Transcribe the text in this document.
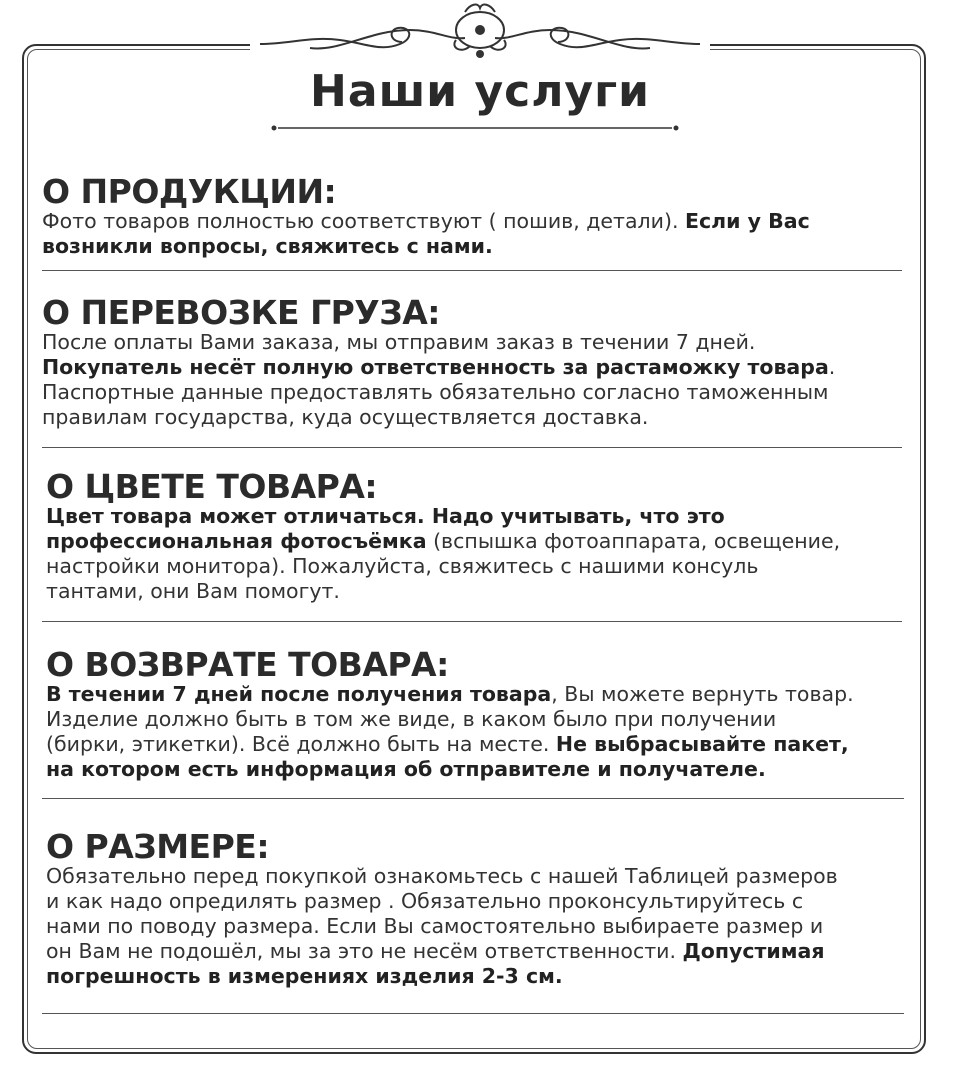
Наши услуги
О ПРОДУКЦИИ:
Фото товаров полностью соответствуют ( пошив, детали). Если у Вас
возникли вопросы, свяжитесь с нами.
О ПЕРЕВОЗКЕ ГРУЗА:
После оплаты Вами заказа, мы отправим заказ в течении 7 дней.
Покупатель несёт полную ответственность за растаможку товара.
Паспортные данные предоставлять обязательно согласно таможенным
правилам государства, куда осуществляется доставка.
О ЦВЕТЕ ТОВАРА:
Цвет товара может отличаться. Надо учитывать, что это
профессиональная фотосъёмка (вспышка фотоаппарата, освещение,
настройки монитора). Пожалуйста, свяжитесь с нашими консуль
тантами, они Вам помогут.
О ВОЗВРАТЕ ТОВАРА:
В течении 7 дней после получения товара, Вы можете вернуть товар.
Изделие должно быть в том же виде, в каком было при получении
(бирки, этикетки). Всё должно быть на месте. Не выбрасывайте пакет,
на котором есть информация об отправителе и получателе.
О РАЗМЕРЕ:
Обязательно перед покупкой ознакомьтесь с нашей Таблицей размеров
и как надо опредилять размер . Обязательно проконсультируйтесь с
нами по поводу размера. Если Вы самостоятельно выбираете размер и
он Вам не подошёл, мы за это не несём ответственности. Допустимая
погрешность в измерениях изделия 2-3 см.
